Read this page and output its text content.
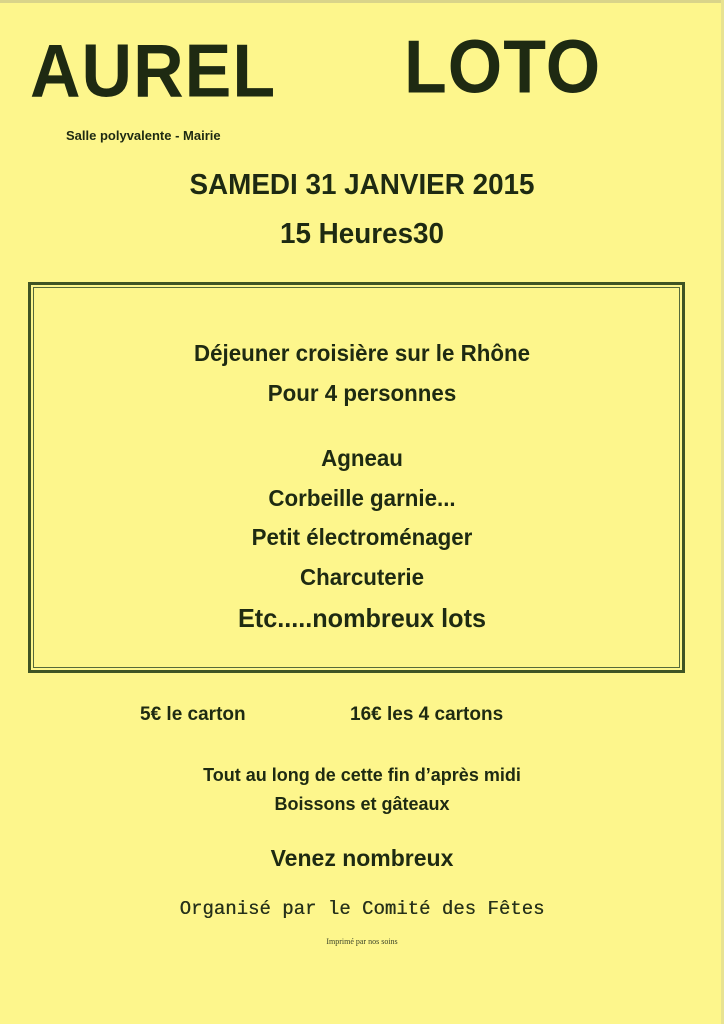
AUREL LOTO
Salle polyvalente - Mairie
SAMEDI 31 JANVIER 2015
15 Heures30
Déjeuner croisière sur le Rhône
Pour 4 personnes
Agneau
Corbeille garnie...
Petit électroménager
Charcuterie
Etc.....nombreux lots
5€ le carton	16€ les 4 cartons
Tout au long de cette fin d’après midi
Boissons et gâteaux
Venez nombreux
Organisé par le Comité des Fêtes
Imprimé par nos soins
